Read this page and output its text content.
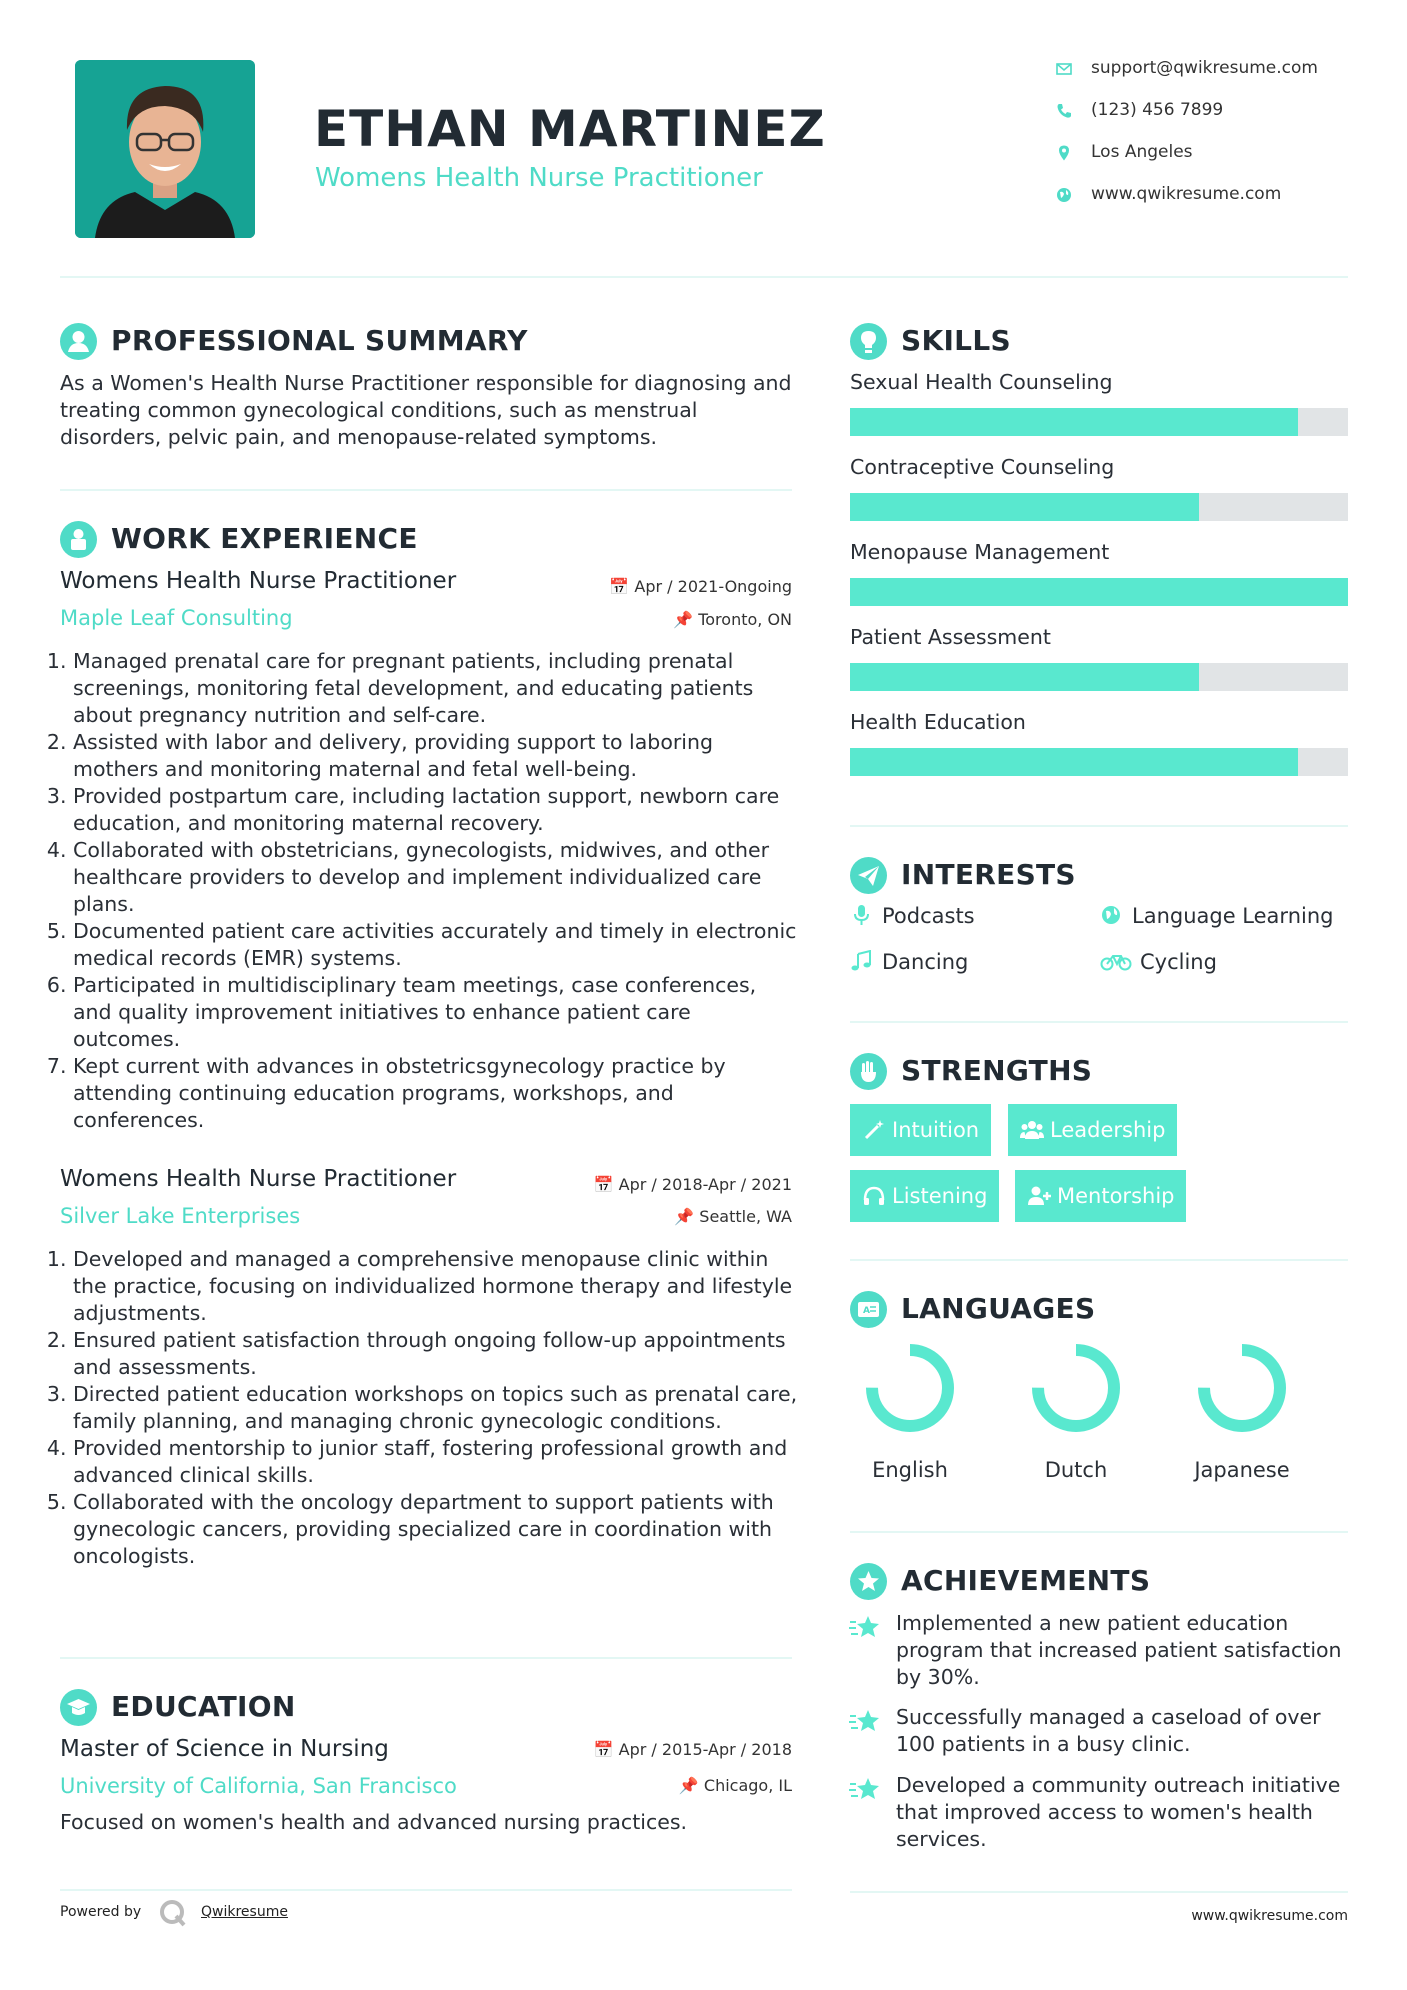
ETHAN MARTINEZ
Womens Health Nurse Practitioner
support@qwikresume.com
(123) 456 7899
Los Angeles
www.qwikresume.com
PROFESSIONAL SUMMARY
As a Women's Health Nurse Practitioner responsible for diagnosing and treating common gynecological conditions, such as menstrual disorders, pelvic pain, and menopause-related symptoms.
WORK EXPERIENCE
Womens Health Nurse Practitioner	📅 Apr / 2021-Ongoing
Maple Leaf Consulting	📌 Toronto, ON
1. Managed prenatal care for pregnant patients, including prenatal screenings, monitoring fetal development, and educating patients about pregnancy nutrition and self-care.
2. Assisted with labor and delivery, providing support to laboring mothers and monitoring maternal and fetal well-being.
3. Provided postpartum care, including lactation support, newborn care education, and monitoring maternal recovery.
4. Collaborated with obstetricians, gynecologists, midwives, and other healthcare providers to develop and implement individualized care plans.
5. Documented patient care activities accurately and timely in electronic medical records (EMR) systems.
6. Participated in multidisciplinary team meetings, case conferences, and quality improvement initiatives to enhance patient care outcomes.
7. Kept current with advances in obstetricsgynecology practice by attending continuing education programs, workshops, and conferences.
Womens Health Nurse Practitioner	📅 Apr / 2018-Apr / 2021
Silver Lake Enterprises	📌 Seattle, WA
1. Developed and managed a comprehensive menopause clinic within the practice, focusing on individualized hormone therapy and lifestyle adjustments.
2. Ensured patient satisfaction through ongoing follow-up appointments and assessments.
3. Directed patient education workshops on topics such as prenatal care, family planning, and managing chronic gynecologic conditions.
4. Provided mentorship to junior staff, fostering professional growth and advanced clinical skills.
5. Collaborated with the oncology department to support patients with gynecologic cancers, providing specialized care in coordination with oncologists.
EDUCATION
Master of Science in Nursing	📅 Apr / 2015-Apr / 2018
University of California, San Francisco	📌 Chicago, IL
Focused on women's health and advanced nursing practices.
Powered by	Qwikresume
SKILLS
Sexual Health Counseling
Contraceptive Counseling
Menopause Management
Patient Assessment
Health Education
INTERESTS
Podcasts	Language Learning
Dancing	Cycling
STRENGTHS
Intuition	Leadership
Listening	Mentorship
A LANGUAGES
English	Dutch	Japanese
ACHIEVEMENTS
Implemented a new patient education program that increased patient satisfaction by 30%.
Successfully managed a caseload of over 100 patients in a busy clinic.
Developed a community outreach initiative that improved access to women's health services.
www.qwikresume.com
